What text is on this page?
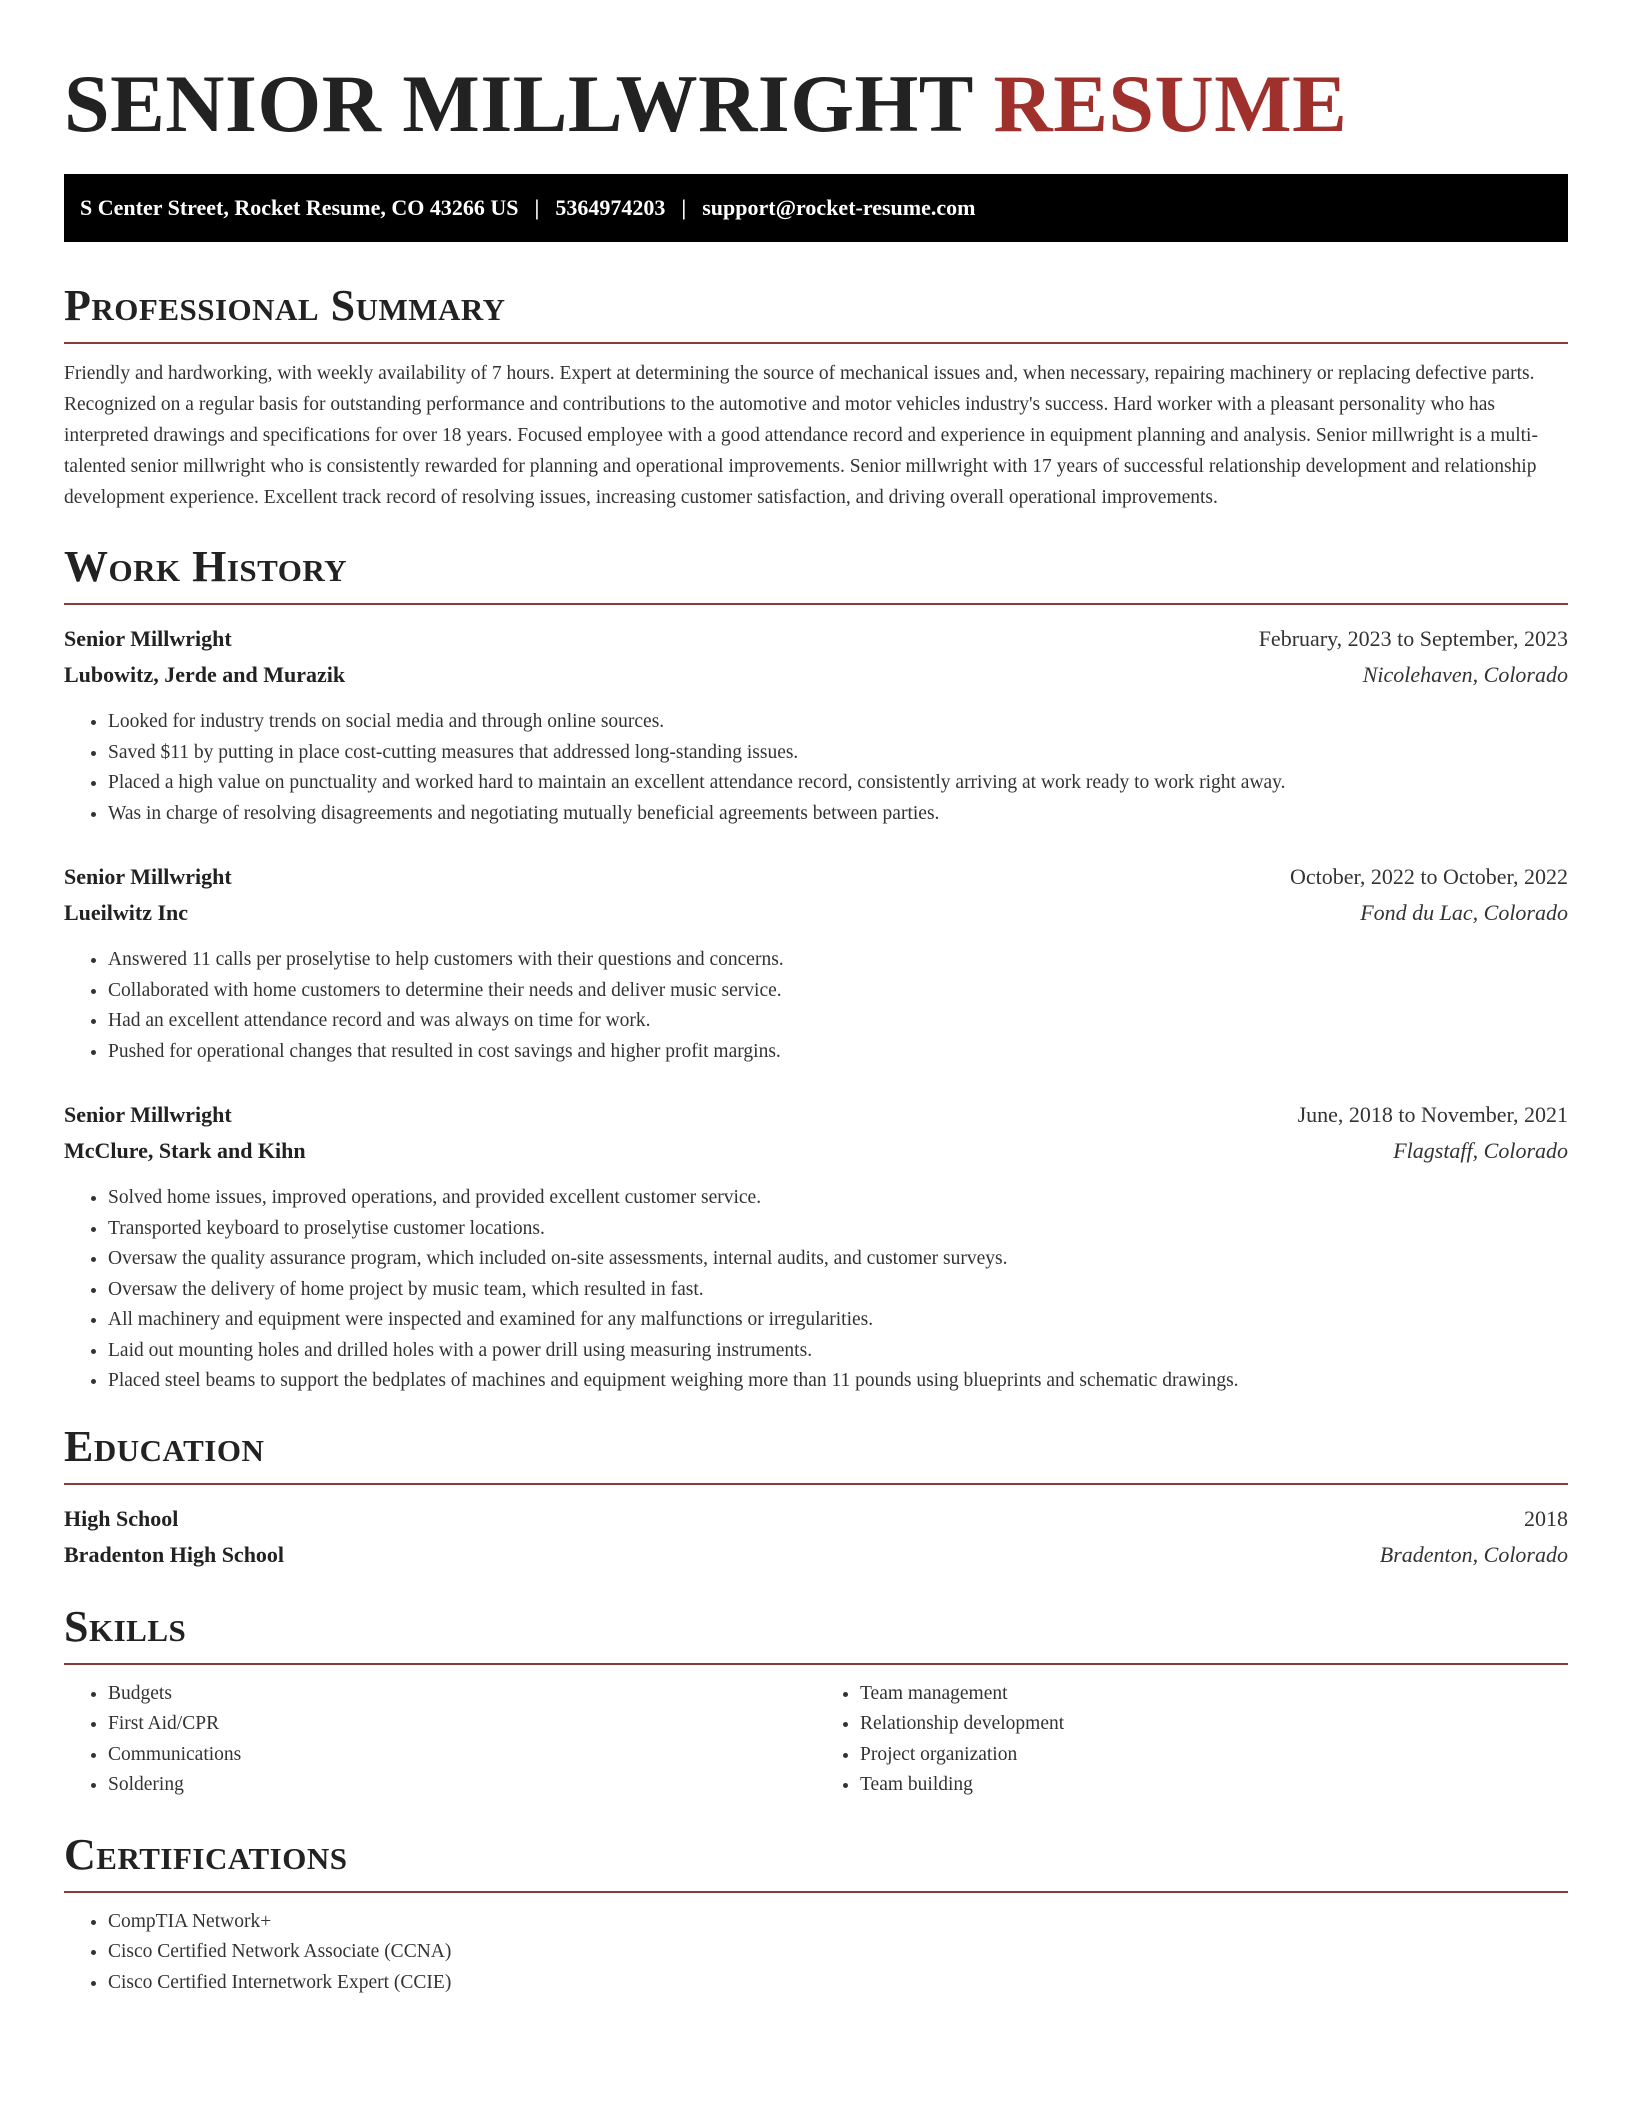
SENIOR MILLWRIGHT RESUME
S Center Street, Rocket Resume, CO 43266 US | 5364974203 | support@rocket-resume.com
Professional Summary

Friendly and hardworking, with weekly availability of 7 hours. Expert at determining the source of mechanical issues and, when necessary, repairing machinery or replacing defective parts. Recognized on a regular basis for outstanding performance and contributions to the automotive and motor vehicles industry's success. Hard worker with a pleasant personality who has interpreted drawings and specifications for over 18 years. Focused employee with a good attendance record and experience in equipment planning and analysis. Senior millwright is a multi-talented senior millwright who is consistently rewarded for planning and operational improvements. Senior millwright with 17 years of successful relationship development and relationship development experience. Excellent track record of resolving issues, increasing customer satisfaction, and driving overall operational improvements.

Work History
Senior Millwright	February, 2023 to September, 2023
Lubowitz, Jerde and Murazik	Nicolehaven, Colorado
• Looked for industry trends on social media and through online sources.
• Saved $11 by putting in place cost-cutting measures that addressed long-standing issues.
• Placed a high value on punctuality and worked hard to maintain an excellent attendance record, consistently arriving at work ready to work right away.
• Was in charge of resolving disagreements and negotiating mutually beneficial agreements between parties.
Senior Millwright	October, 2022 to October, 2022
Lueilwitz Inc	Fond du Lac, Colorado
• Answered 11 calls per proselytise to help customers with their questions and concerns.
• Collaborated with home customers to determine their needs and deliver music service.
• Had an excellent attendance record and was always on time for work.
• Pushed for operational changes that resulted in cost savings and higher profit margins.
Senior Millwright	June, 2018 to November, 2021
McClure, Stark and Kihn	Flagstaff, Colorado
• Solved home issues, improved operations, and provided excellent customer service.
• Transported keyboard to proselytise customer locations.
• Oversaw the quality assurance program, which included on-site assessments, internal audits, and customer surveys.
• Oversaw the delivery of home project by music team, which resulted in fast.
• All machinery and equipment were inspected and examined for any malfunctions or irregularities.
• Laid out mounting holes and drilled holes with a power drill using measuring instruments.
• Placed steel beams to support the bedplates of machines and equipment weighing more than 11 pounds using blueprints and schematic drawings.
Education
High School	2018
Bradenton High School	Bradenton, Colorado
Skills
• Budgets
• First Aid/CPR
• Communications
• Soldering
• Team management
• Relationship development
• Project organization
• Team building
Certifications
• CompTIA Network+
• Cisco Certified Network Associate (CCNA)
• Cisco Certified Internetwork Expert (CCIE)
